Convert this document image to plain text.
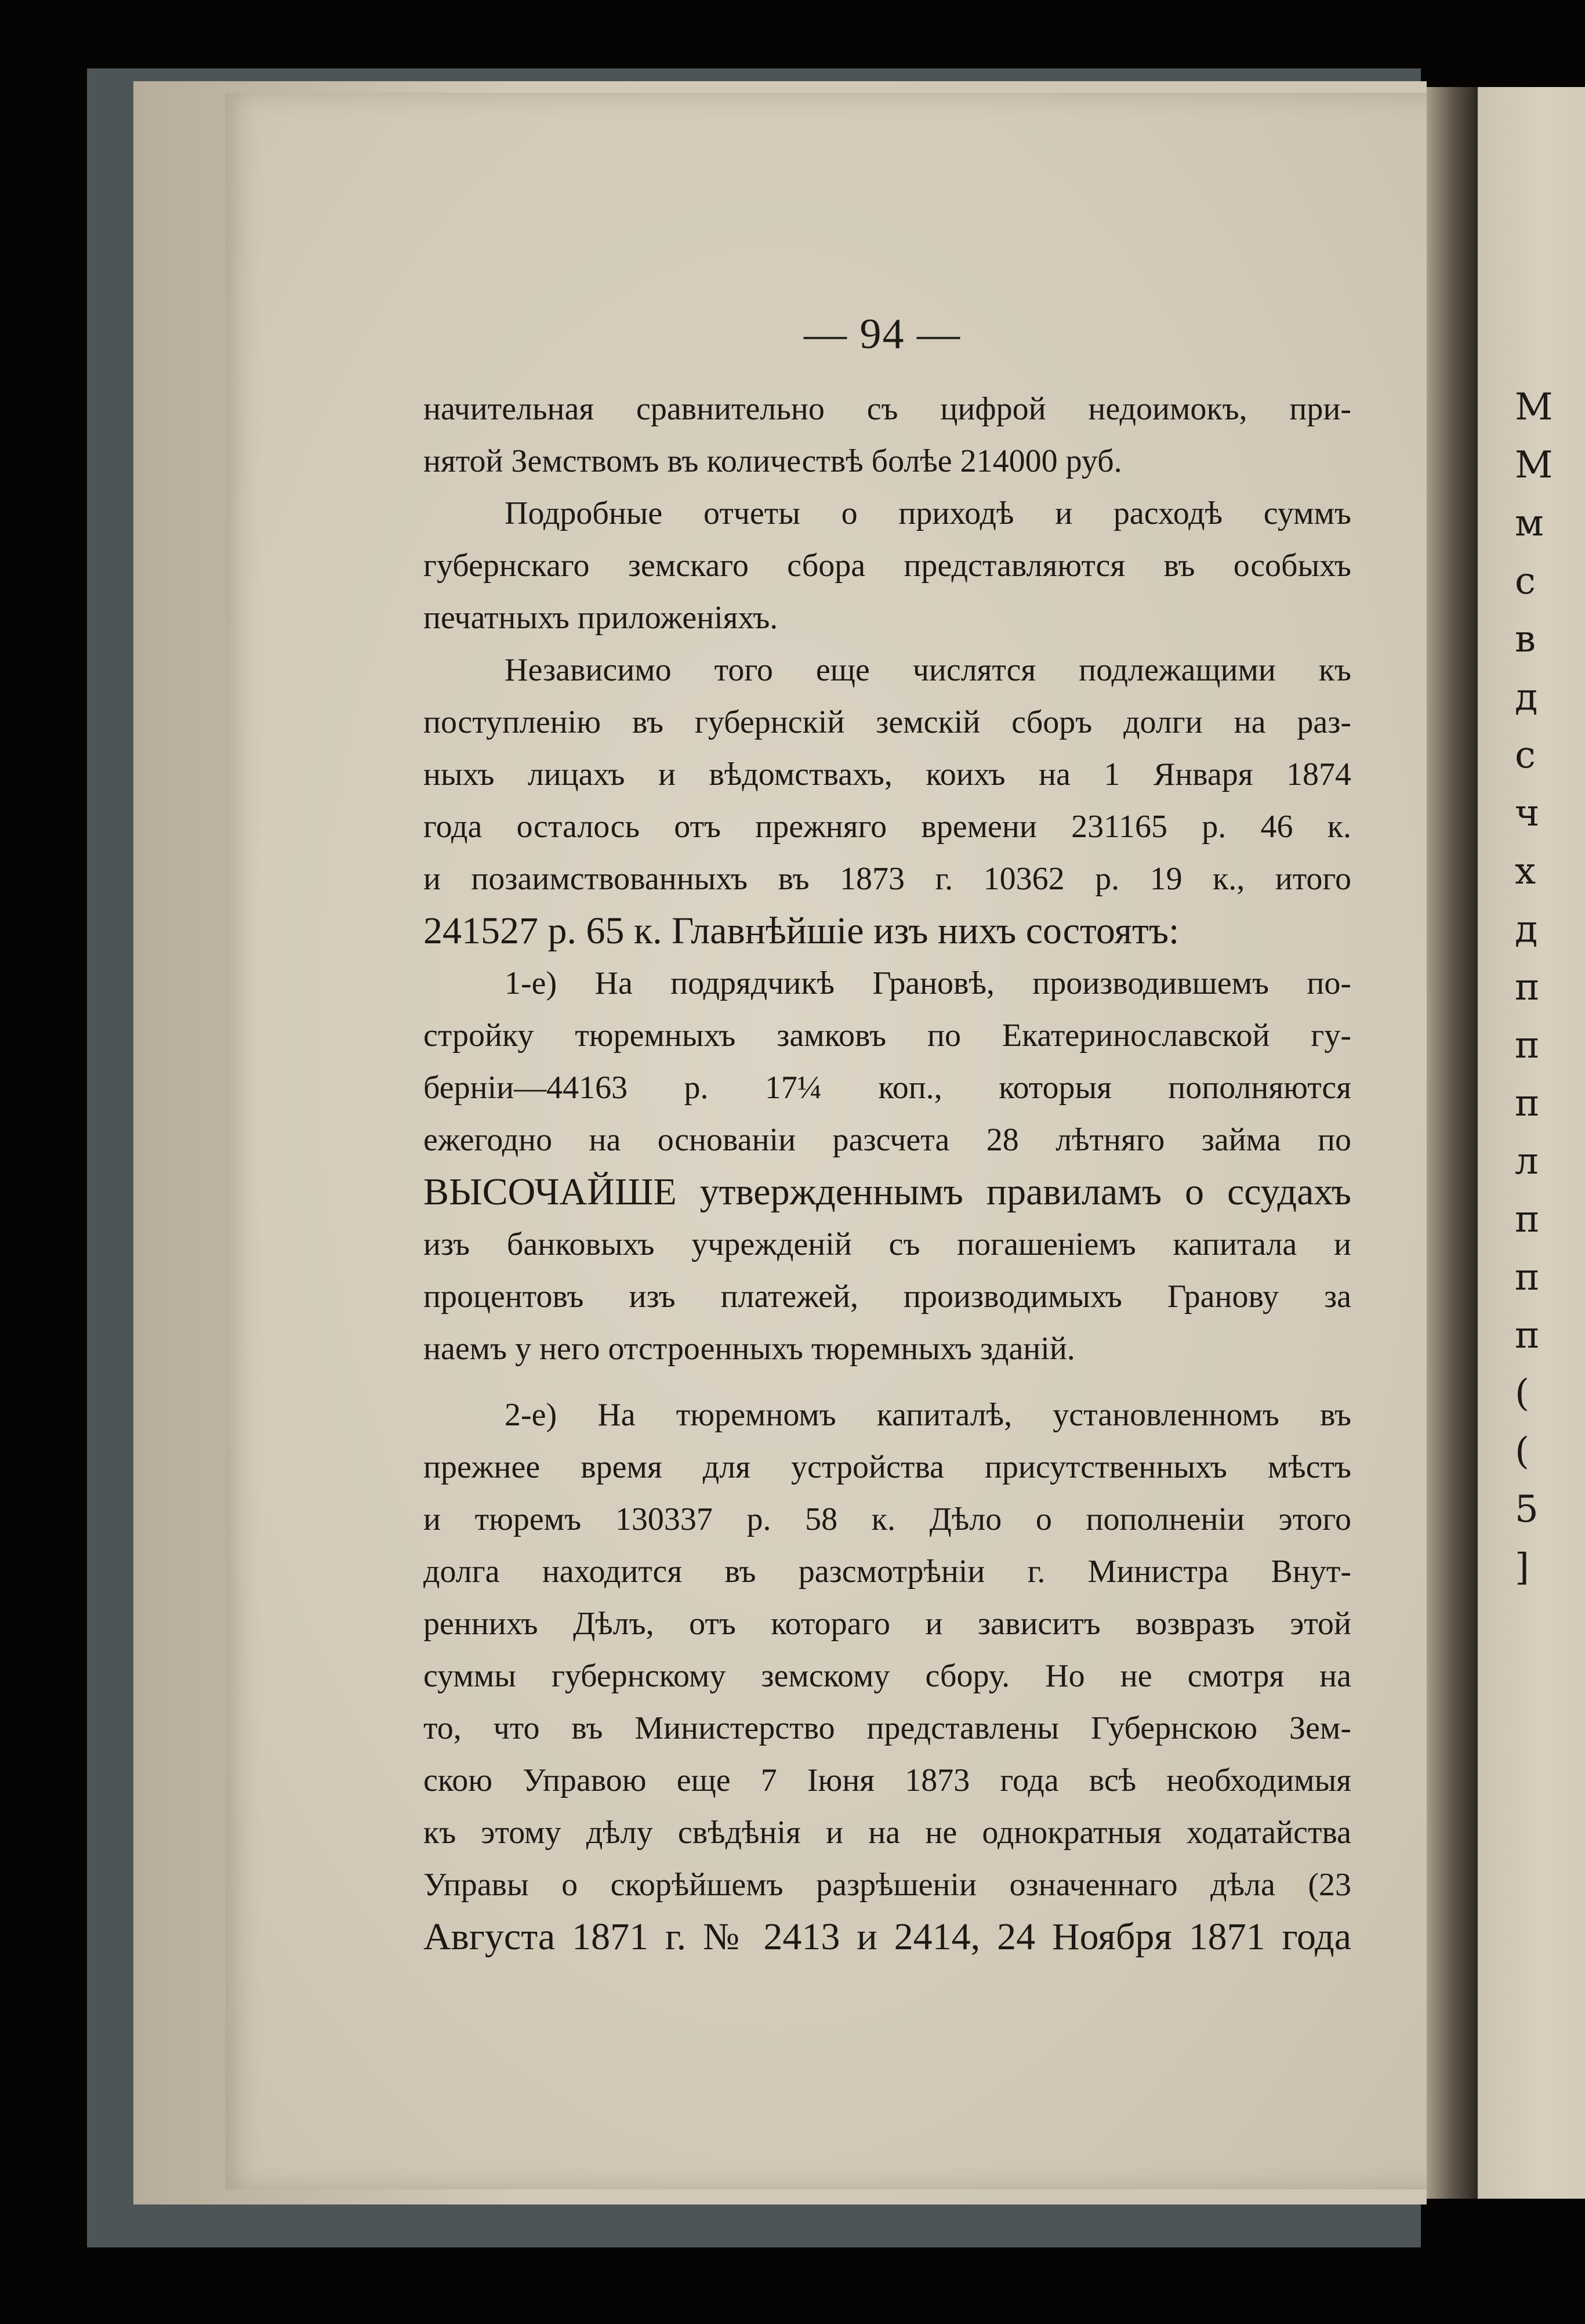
М
М
м
с
в
д
с
ч
х
д
п
п
п
л
п
п
п
(
(
5
]
— 94 —
начительная сравнительно съ цифрой недоимокъ, при-
нятой Земствомъ въ количествѣ болѣе 214000 руб.
Подробные отчеты о приходѣ и расходѣ суммъ
губернскаго земскаго сбора представляются въ особыхъ
печатныхъ приложеніяхъ.
Независимо того еще числятся подлежащими къ
поступленію въ губернскій земскій сборъ долги на раз-
ныхъ лицахъ и вѣдомствахъ, коихъ на 1 Января 1874
года осталось отъ прежняго времени 231165 р. 46 к.
и позаимствованныхъ въ 1873 г. 10362 р. 19 к., итого
241527 р. 65 к. Главнѣйшіе изъ нихъ состоятъ:
1-е) На подрядчикѣ Грановѣ, производившемъ по-
стройку тюремныхъ замковъ по Екатеринославской гу-
берніи—44163 р. 17¼ коп., которыя пополняются
ежегодно на основаніи разсчета 28 лѣтняго займа по
ВЫСОЧАЙШЕ утвержденнымъ правиламъ о ссудахъ
изъ банковыхъ учрежденій съ погашеніемъ капитала и
процентовъ изъ платежей, производимыхъ Гранову за
наемъ у него отстроенныхъ тюремныхъ зданій.
2-е) На тюремномъ капиталѣ, установленномъ въ
прежнее время для устройства присутственныхъ мѣстъ
и тюремъ 130337 р. 58 к. Дѣло о пополненіи этого
долга находится въ разсмотрѣніи г. Министра Внут-
реннихъ Дѣлъ, отъ котораго и зависитъ возвразъ этой
суммы губернскому земскому сбору. Но не смотря на
то, что въ Министерство представлены Губернскою Зем-
скою Управою еще 7 Іюня 1873 года всѣ необходимыя
къ этому дѣлу свѣдѣнія и на не однократныя ходатайства
Управы о скорѣйшемъ разрѣшеніи означеннаго дѣла (23
Августа 1871 г. № 2413 и 2414, 24 Ноября 1871 года
